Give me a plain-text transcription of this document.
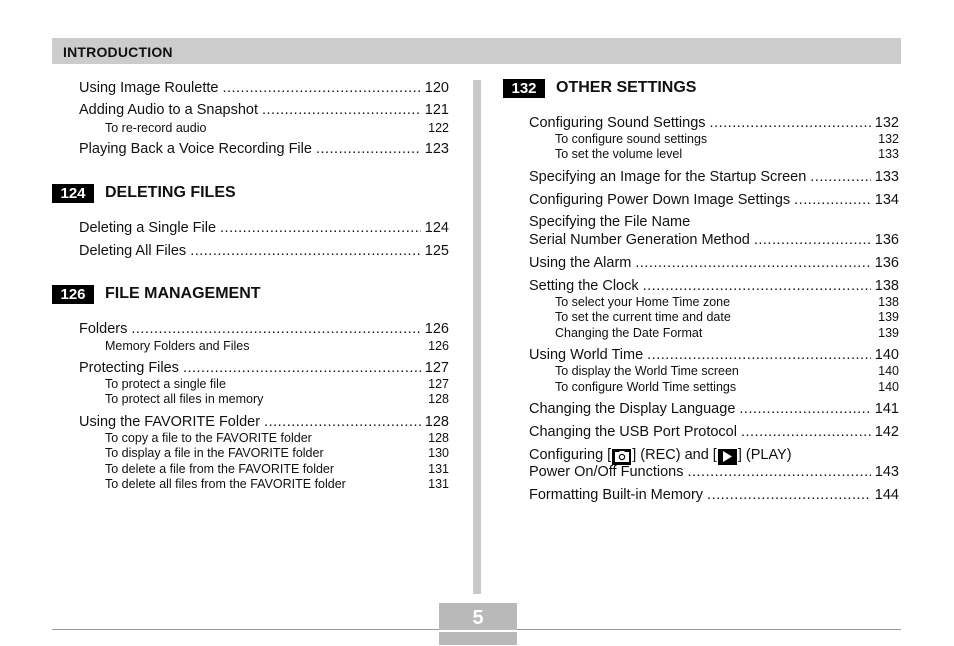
INTRODUCTION
Using Image Roulette .....	120
Adding Audio to a Snapshot .....	121
To re-record audio	122
Playing Back a Voice Recording File .....	123
124	DELETING FILES
Deleting a Single File .....	124
Deleting All Files .....	125
126	FILE MANAGEMENT
Folders .....	126
Memory Folders and Files	126
Protecting Files .....	127
To protect a single file	127
To protect all files in memory	128
Using the FAVORITE Folder .....	128
To copy a file to the FAVORITE folder	128
To display a file in the FAVORITE folder	130
To delete a file from the FAVORITE folder	131
To delete all files from the FAVORITE folder	131
132	OTHER SETTINGS
Configuring Sound Settings .....	132
To configure sound settings	132
To set the volume level	133
Specifying an Image for the Startup Screen .....	133
Configuring Power Down Image Settings .....	134
Specifying the File Name
Serial Number Generation Method .....	136
Using the Alarm .....	136
Setting the Clock .....	138
To select your Home Time zone	138
To set the current time and date	139
Changing the Date Format	139
Using World Time .....	140
To display the World Time screen	140
To configure World Time settings	140
Changing the Display Language .....	141
Changing the USB Port Protocol .....	142
Configuring [ ] (REC) and [ ] (PLAY)
Power On/Off Functions .....	143
Formatting Built-in Memory .....	144
5
